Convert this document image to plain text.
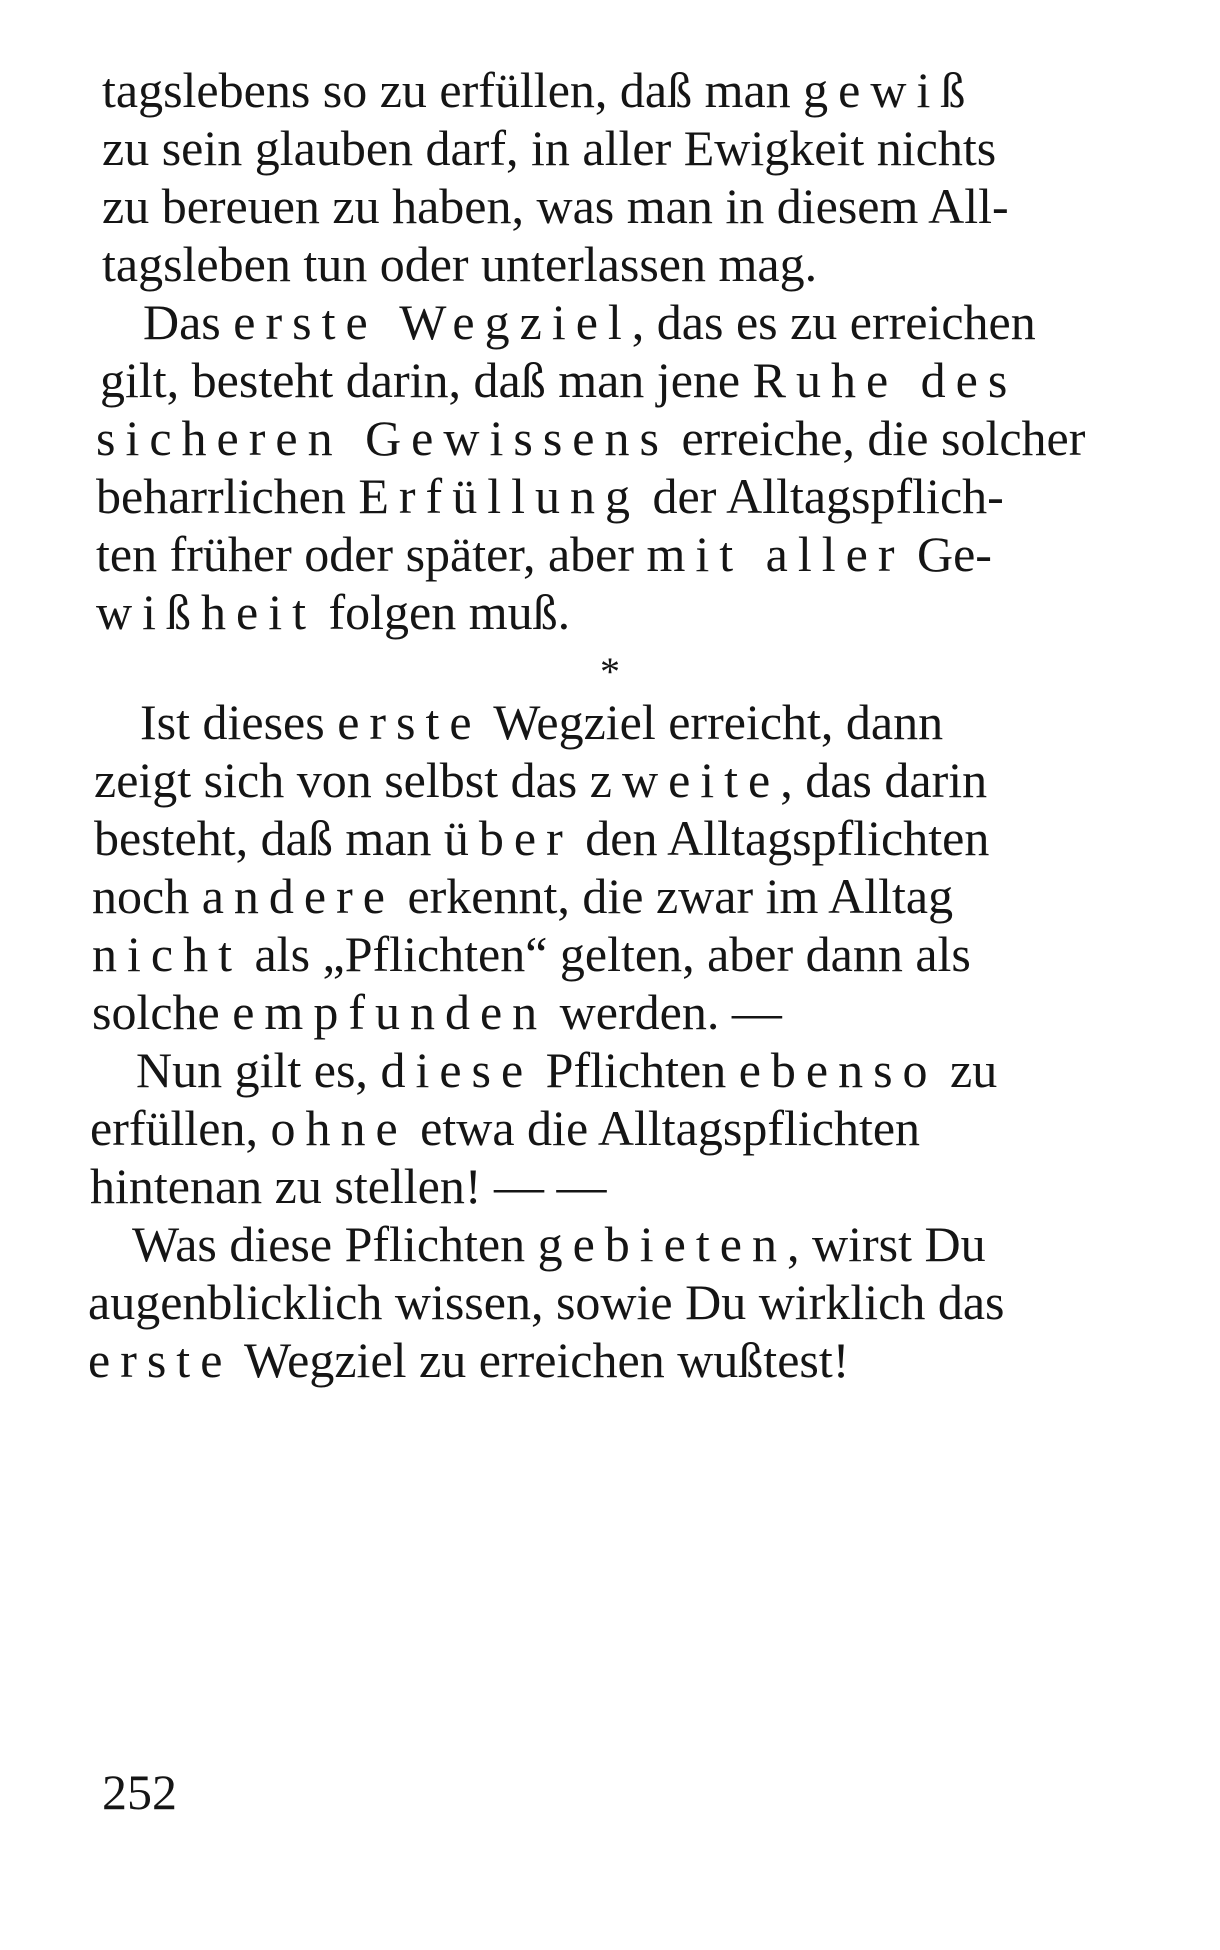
tagslebens so zu erfüllen, daß man gewiß
zu sein glauben darf, in aller Ewigkeit nichts
zu bereuen zu haben, was man in diesem All-
tagsleben tun oder unterlassen mag.
Das erste Wegziel, das es zu erreichen
gilt, besteht darin, daß man jene Ruhe des
sicheren Gewissens erreiche, die solcher
beharrlichen Erfüllung der Alltagspflich-
ten früher oder später, aber mit aller Ge-
wißheit folgen muß.
*
Ist dieses erste Wegziel erreicht, dann
zeigt sich von selbst das zweite, das darin
besteht, daß man über den Alltagspflichten
noch andere erkennt, die zwar im Alltag
nicht als „Pflichten“ gelten, aber dann als
solche empfunden werden. —
Nun gilt es, diese Pflichten ebenso zu
erfüllen, ohne etwa die Alltagspflichten
hintenan zu stellen! — —
Was diese Pflichten gebieten, wirst Du
augenblicklich wissen, sowie Du wirklich das
erste Wegziel zu erreichen wußtest!
252
